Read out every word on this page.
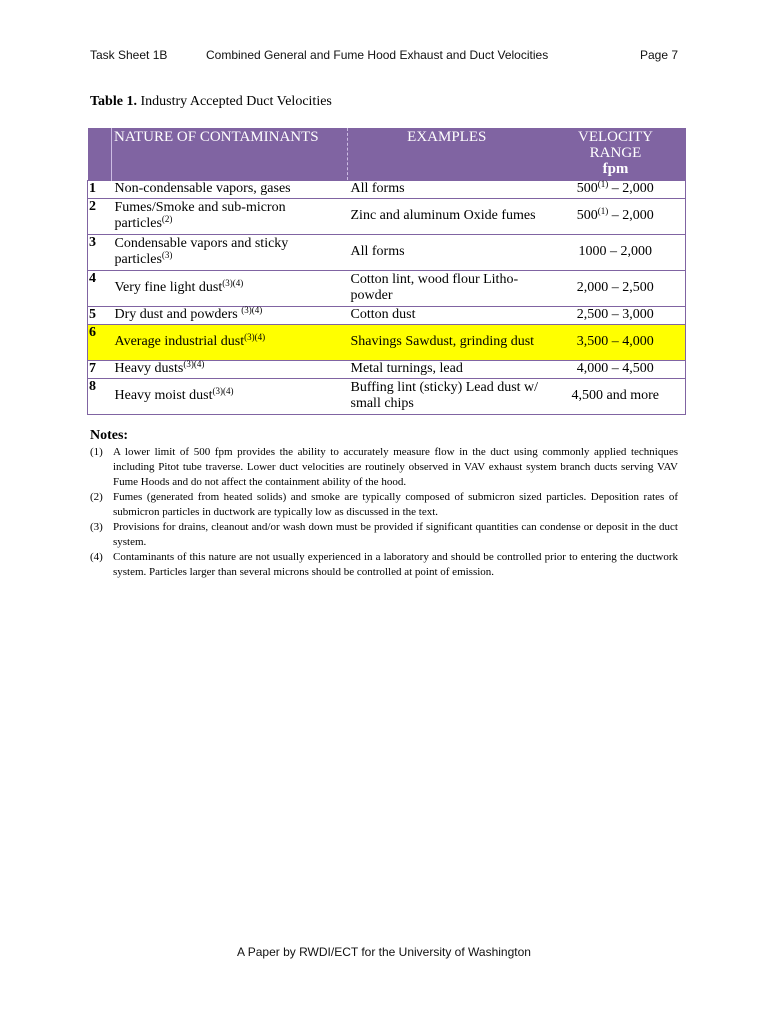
Task Sheet 1B	Combined General and Fume Hood Exhaust and Duct Velocities	Page 7
Table 1. Industry Accepted Duct Velocities
	NATURE OF CONTAMINANTS	EXAMPLES	VELOCITY
RANGE
fpm

1	Non-condensable vapors, gases	All forms	500$^{(1)}$ – 2,000
2	Fumes/Smoke and sub-micron particles$^{(2)}$	Zinc and aluminum Oxide fumes	500$^{(1)}$ – 2,000
3	Condensable vapors and sticky particles$^{(3)}$	All forms	1000 – 2,000
4	Very fine light dust$^{(3)(4)}$	Cotton lint, wood flour Litho-powder	2,000 – 2,500
5	Dry dust and powders $^{(3)(4)}$	Cotton dust	2,500 – 3,000
6	Average industrial dust$^{(3)(4)}$	Shavings Sawdust, grinding dust	3,500 – 4,000
7	Heavy dusts$^{(3)(4)}$	Metal turnings, lead	4,000 – 4,500
8	Heavy moist dust$^{(3)(4)}$	Buffing lint (sticky) Lead dust w/ small chips	4,500 and more
Notes:
(1) A lower limit of 500 fpm provides the ability to accurately measure flow in the duct using commonly applied techniques including Pitot tube traverse. Lower duct velocities are routinely observed in VAV exhaust system branch ducts serving VAV Fume Hoods and do not affect the containment ability of the hood.
(2) Fumes (generated from heated solids) and smoke are typically composed of submicron sized particles. Deposition rates of submicron particles in ductwork are typically low as discussed in the text.
(3) Provisions for drains, cleanout and/or wash down must be provided if significant quantities can condense or deposit in the duct system.
(4) Contaminants of this nature are not usually experienced in a laboratory and should be controlled prior to entering the ductwork system. Particles larger than several microns should be controlled at point of emission.
A Paper by RWDI/ECT for the University of Washington
